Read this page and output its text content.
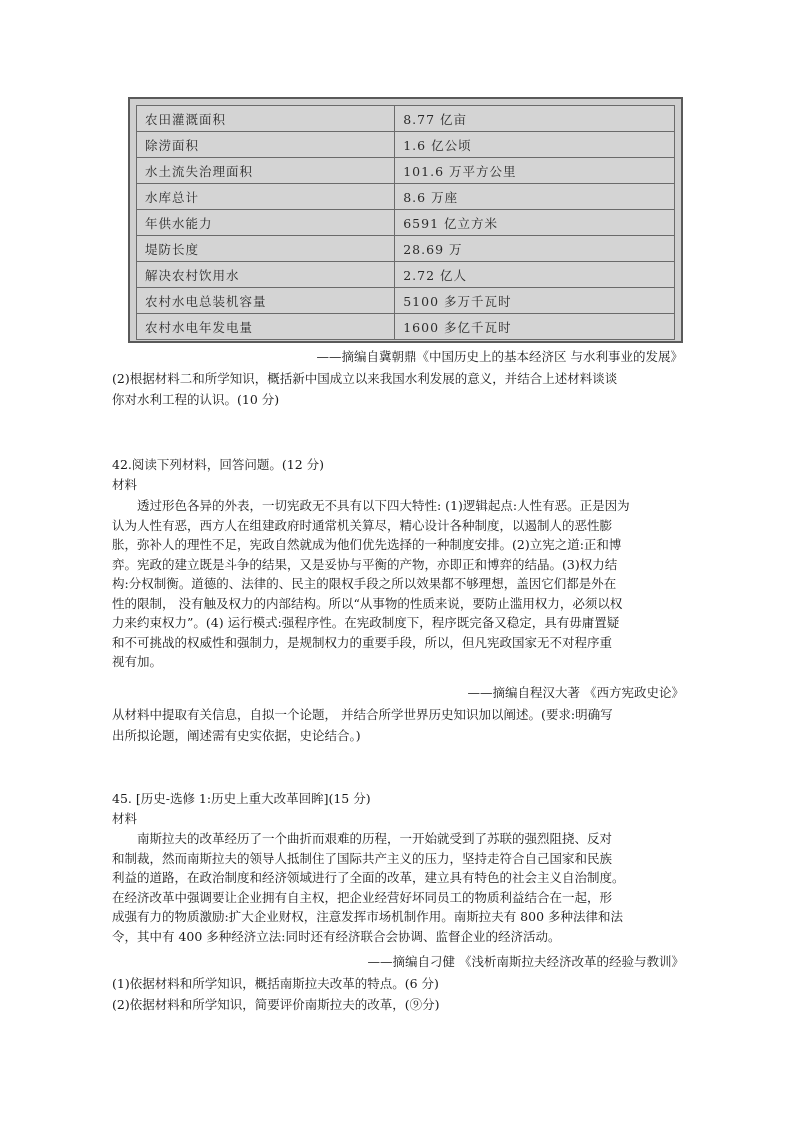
农田灌溉面积	8.77 亿亩
除涝面积	1.6 亿公顷
水土流失治理面积	101.6 万平方公里
水库总计	8.6 万座
年供水能力	6591 亿立方米
堤防长度	28.69 万
解决农村饮用水	2.72 亿人
农村水电总装机容量	5100 多万千瓦时
农村水电年发电量	1600 多亿千瓦时
——摘编自冀朝鼎《中国历史上的基本经济区 与水利事业的发展》
(2)根据材料二和所学知识，概括新中国成立以来我国水利发展的意义，并结合上述材料谈谈
你对水利工程的认识。(10 分)
42.阅读下列材料，回答问题。(12 分)
材料

透过形色各异的外表，一切宪政无不具有以下四大特性: (1)逻辑起点:人性有恶。正是因为

认为人性有恶，西方人在组建政府时通常机关算尽，精心设计各种制度，以遏制人的恶性膨

胀，弥补人的理性不足，宪政自然就成为他们优先选择的一种制度安排。(2)立宪之道:正和博

弈。宪政的建立既是斗争的结果，又是妥协与平衡的产物，亦即正和博弈的结晶。(3)权力结

构:分权制衡。道德的、法律的、民主的限权手段之所以效果都不够理想，盖因它们都是外在

性的限制， 没有触及权力的内部结构。所以“从事物的性质来说，要防止滥用权力，必须以权

力来约束权力”。(4) 运行模式:强程序性。在宪政制度下，程序既完备又稳定，具有毋庸置疑

和不可挑战的权威性和强制力，是规制权力的重要手段，所以，但凡宪政国家无不对程序重

视有加。

——摘编自程汉大著 《西方宪政史论》
从材料中提取有关信息，自拟一个论题， 并结合所学世界历史知识加以阐述。(要求:明确写
出所拟论题，阐述需有史实依据，史论结合。)
45. [历史-选修 1:历史上重大改革回眸](15 分)
材料

南斯拉夫的改革经历了一个曲折而艰难的历程，一开始就受到了苏联的强烈阻挠、反对

和制裁，然而南斯拉夫的领导人抵制住了国际共产主义的压力，坚持走符合自己国家和民族

利益的道路，在政治制度和经济领域进行了全面的改革，建立具有特色的社会主义自治制度。

在经济改革中强调要让企业拥有自主权，把企业经营好坏同员工的物质利益结合在一起，形

成强有力的物质激励:扩大企业财权，注意发挥市场机制作用。南斯拉夫有 800 多种法律和法

令，其中有 400 多种经济立法:同时还有经济联合会协调、监督企业的经济活动。

——摘编自刁健 《浅析南斯拉夫经济改革的经验与教训》
(1)依据材料和所学知识，概括南斯拉夫改革的特点。(6 分)
(2)依据材料和所学知识，简要评价南斯拉夫的改革，(⑨分)
